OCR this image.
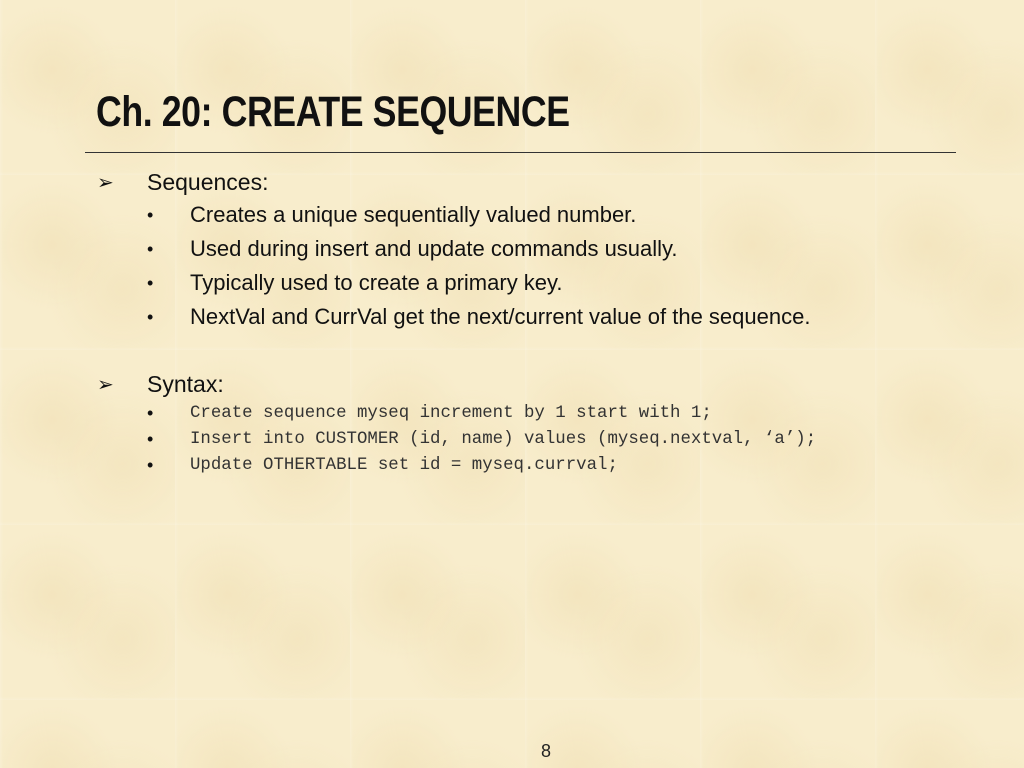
Ch. 20: CREATE SEQUENCE
➢	Sequences:
•	Creates a unique sequentially valued number.
•	Used during insert and update commands usually.
•	Typically used to create a primary key.
•	NextVal and CurrVal get the next/current value of the sequence.
➢	Syntax:
•	Create sequence myseq increment by 1 start with 1;
•	Insert into CUSTOMER (id, name) values (myseq.nextval, ‘a’);
•	Update OTHERTABLE set id = myseq.currval;
8
